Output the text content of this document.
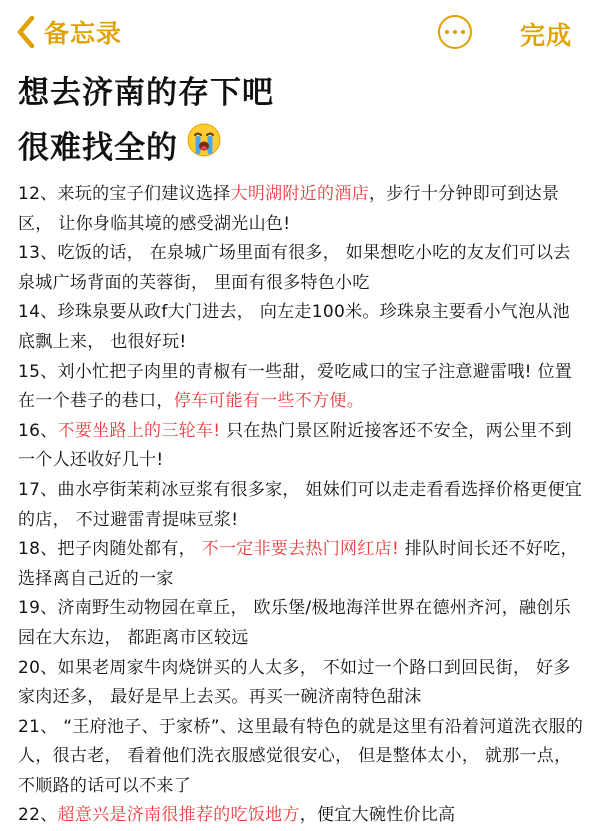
备忘录	完成
想去济南的存下吧
很难找全的

12、来玩的宝子们建议选择大明湖附近的酒店，步行十分钟即可到达景区， 让你身临其境的感受湖光山色!

13、吃饭的话， 在泉城广场里面有很多， 如果想吃小吃的友友们可以去泉城广场背面的芙蓉街， 里面有很多特色小吃

14、珍珠泉要从政f大门进去， 向左走100米。珍珠泉主要看小气泡从池底飘上来， 也很好玩!

15、刘小忙把子肉里的青椒有一些甜，爱吃咸口的宝子注意避雷哦! 位置在一个巷子的巷口，停车可能有一些不方便。

16、不要坐路上的三轮车! 只在热门景区附近接客还不安全，两公里不到一个人还收好几十!

17、曲水亭街茉莉冰豆浆有很多家， 姐妹们可以走走看看选择价格更便宜的店， 不过避雷青提味豆浆!

18、把子肉随处都有， 不一定非要去热门网红店! 排队时间长还不好吃， 选择离自己近的一家

19、济南野生动物园在章丘， 欧乐堡/极地海洋世界在德州齐河，融创乐园在大东边， 都距离市区较远

20、如果老周家牛肉烧饼买的人太多， 不如过一个路口到回民街， 好多家肉还多， 最好是早上去买。再买一碗济南特色甜沫

21、 “王府池子、于家桥”、这里最有特色的就是这里有沿着河道洗衣服的人，很古老， 看着他们洗衣服感觉很安心， 但是整体太小， 就那一点， 不顺路的话可以不来了

22、超意兴是济南很推荐的吃饭地方，便宜大碗性价比高
